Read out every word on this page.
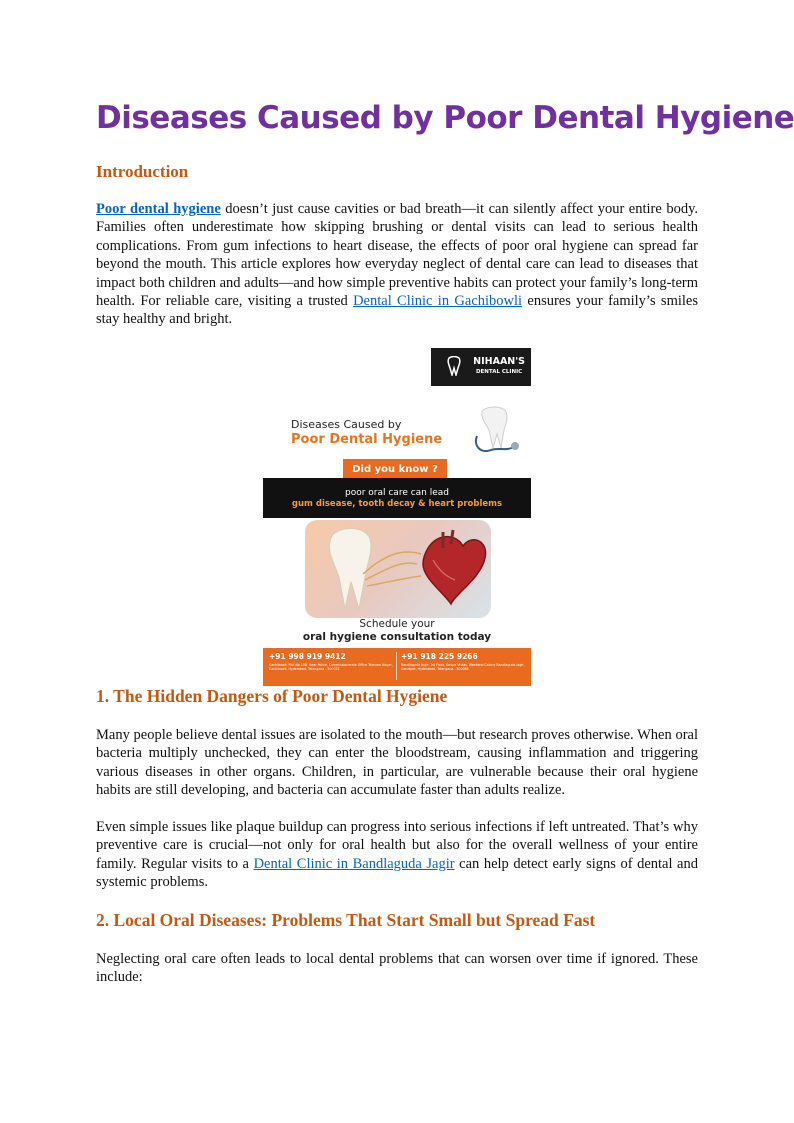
Diseases Caused by Poor Dental Hygiene
Introduction

Poor dental hygiene doesn’t just cause cavities or bad breath—it can silently affect your entire body. Families often underestimate how skipping brushing or dental visits can lead to serious health complications. From gum infections to heart disease, the effects of poor oral hygiene can spread far beyond the mouth. This article explores how everyday neglect of dental care can lead to diseases that impact both children and adults—and how simple preventive habits can protect your family’s long-term health. For reliable care, visiting a trusted Dental Clinic in Gachibowli ensures your family’s smiles stay healthy and bright.

NIHAAN'S
DENTAL CLINIC
Diseases Caused by
Poor Dental Hygiene
Did you know ?
poor oral care can lead
gum disease, tooth decay & heart problems
Schedule your
oral hygiene consultation today
+91 998 919 9412
Gachibowli: Plot No 158, Near Police, Commissionerate Office Telecom Nagar, Gachibowli, Hyderabad, Telangana - 500032
+91 918 225 9266
Bandlaguda Jagir: 1st Floor, Anupa Vistas, Weekend Colony Bandlaguda Jagir, Gandipet, Hyderabad, Telangana - 500086
1. The Hidden Dangers of Poor Dental Hygiene

Many people believe dental issues are isolated to the mouth—but research proves otherwise. When oral bacteria multiply unchecked, they can enter the bloodstream, causing inflammation and triggering various diseases in other organs. Children, in particular, are vulnerable because their oral hygiene habits are still developing, and bacteria can accumulate faster than adults realize.

Even simple issues like plaque buildup can progress into serious infections if left untreated. That’s why preventive care is crucial—not only for oral health but also for the overall wellness of your entire family. Regular visits to a Dental Clinic in Bandlaguda Jagir can help detect early signs of dental and systemic problems.

2. Local Oral Diseases: Problems That Start Small but Spread Fast

Neglecting oral care often leads to local dental problems that can worsen over time if ignored. These include:
